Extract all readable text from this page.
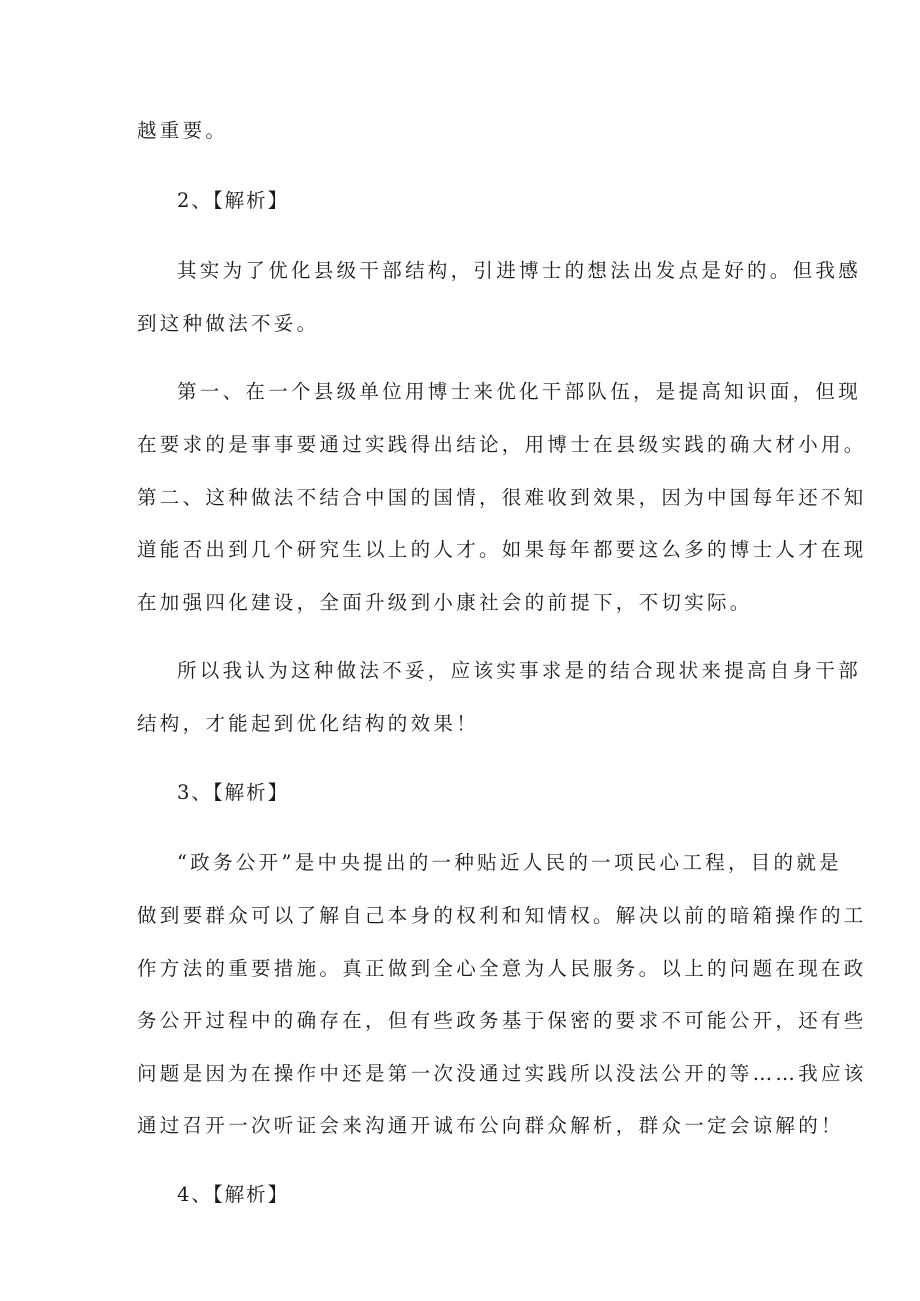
越重要。
2、【解析】
其实为了优化县级干部结构，引进博士的想法出发点是好的。但我感
到这种做法不妥。
第一、在一个县级单位用博士来优化干部队伍，是提高知识面，但现
在要求的是事事要通过实践得出结论，用博士在县级实践的确大材小用。
第二、这种做法不结合中国的国情，很难收到效果，因为中国每年还不知
道能否出到几个研究生以上的人才。如果每年都要这么多的博士人才在现
在加强四化建设，全面升级到小康社会的前提下，不切实际。
所以我认为这种做法不妥，应该实事求是的结合现状来提高自身干部
结构，才能起到优化结构的效果！
3、【解析】
“政务公开”是中央提出的一种贴近人民的一项民心工程，目的就是
做到要群众可以了解自己本身的权利和知情权。解决以前的暗箱操作的工
作方法的重要措施。真正做到全心全意为人民服务。以上的问题在现在政
务公开过程中的确存在，但有些政务基于保密的要求不可能公开，还有些
问题是因为在操作中还是第一次没通过实践所以没法公开的等……我应该
通过召开一次听证会来沟通开诚布公向群众解析，群众一定会谅解的！
4、【解析】
